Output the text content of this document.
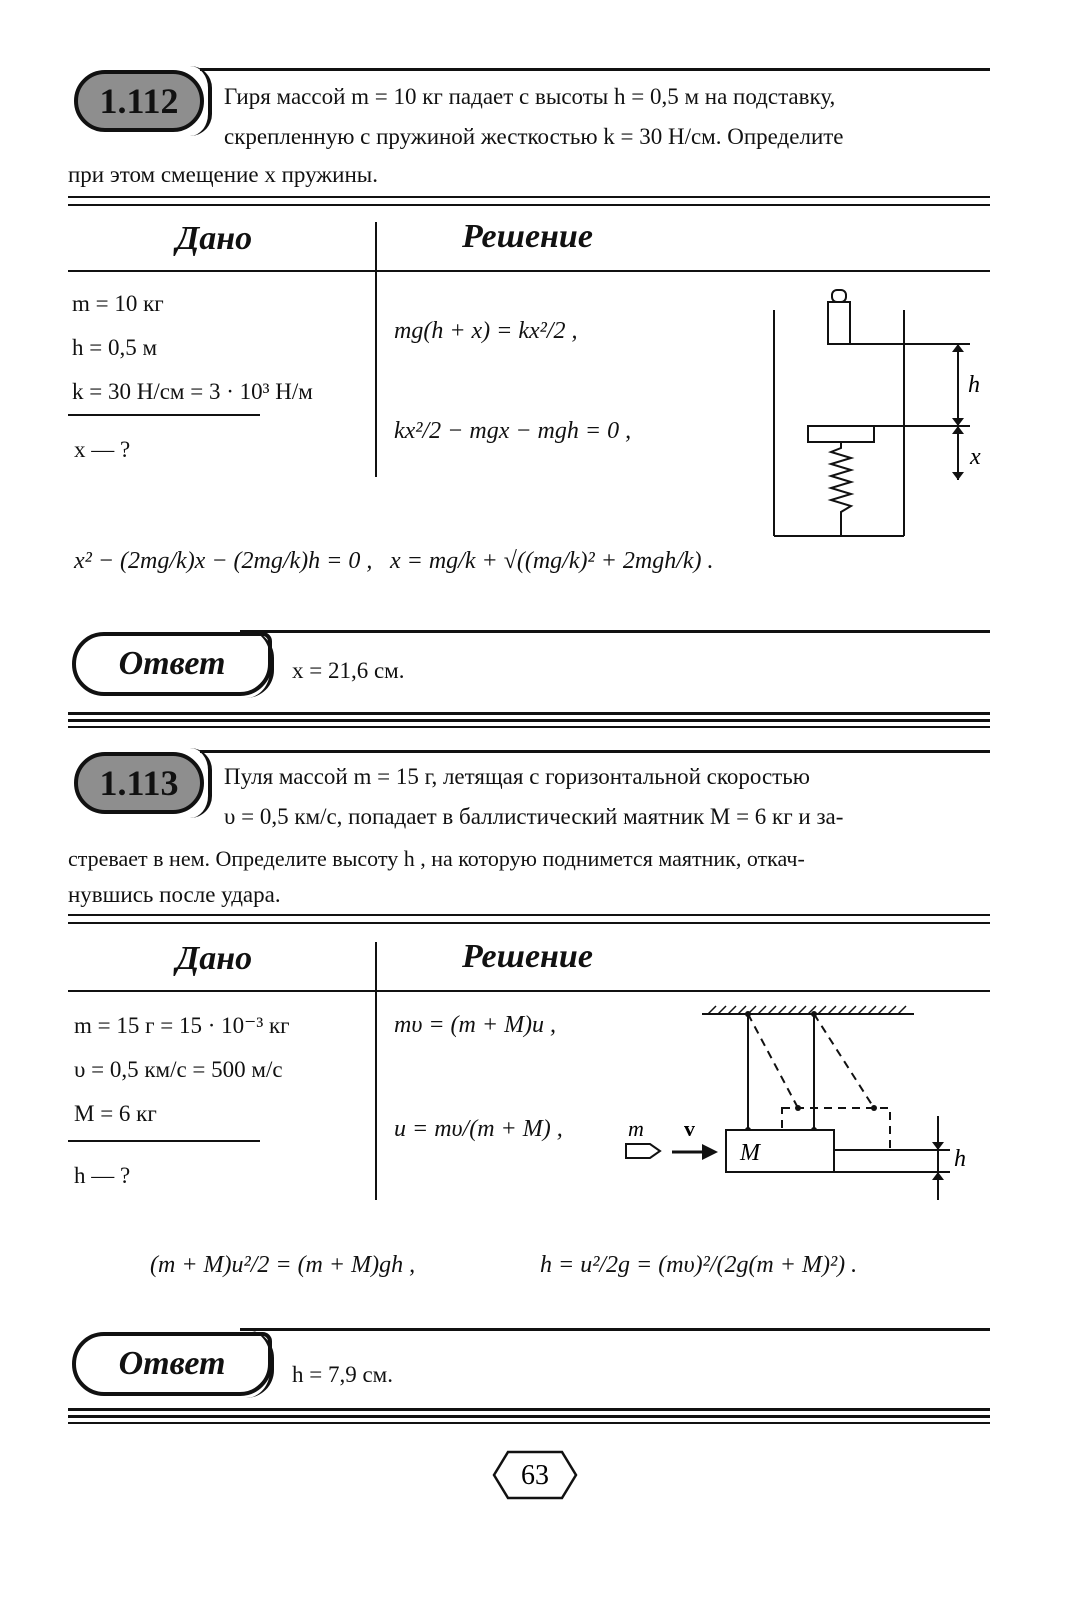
1.112	Гиря массой m = 10 кг падает с высоты h = 0,5 м на подставку,
скрепленную с пружиной жесткостью k = 30 Н/см. Определите
при этом смещение x пружины.
Дано	Решение
m = 10 кг
h = 0,5 м
k = 30 Н/см = 3 · 10³ Н/м
x — ?
mg(h + x) = kx²/2 ,
kx²/2 − mgx − mgh = 0 ,
h
x
x² − (2mg/k)x − (2mg/k)h = 0 , x = mg/k + √((mg/k)² + 2mgh/k) .
Ответ	x = 21,6 см.
1.113	Пуля массой m = 15 г, летящая с горизонтальной скоростью
υ = 0,5 км/с, попадает в баллистический маятник M = 6 кг и за-
стревает в нем. Определите высоту h , на которую поднимется маятник, откач-
нувшись после удара.
Дано	Решение
m = 15 г = 15 · 10⁻³ кг
υ = 0,5 км/с = 500 м/с
M = 6 кг
h — ?
mυ = (m + M)u ,
u = mυ/(m + M) ,	m v
M	h
(m + M)u²/2 = (m + M)gh ,	h = u²/2g = (mυ)²/(2g(m + M)²) .
Ответ	h = 7,9 см.
63
